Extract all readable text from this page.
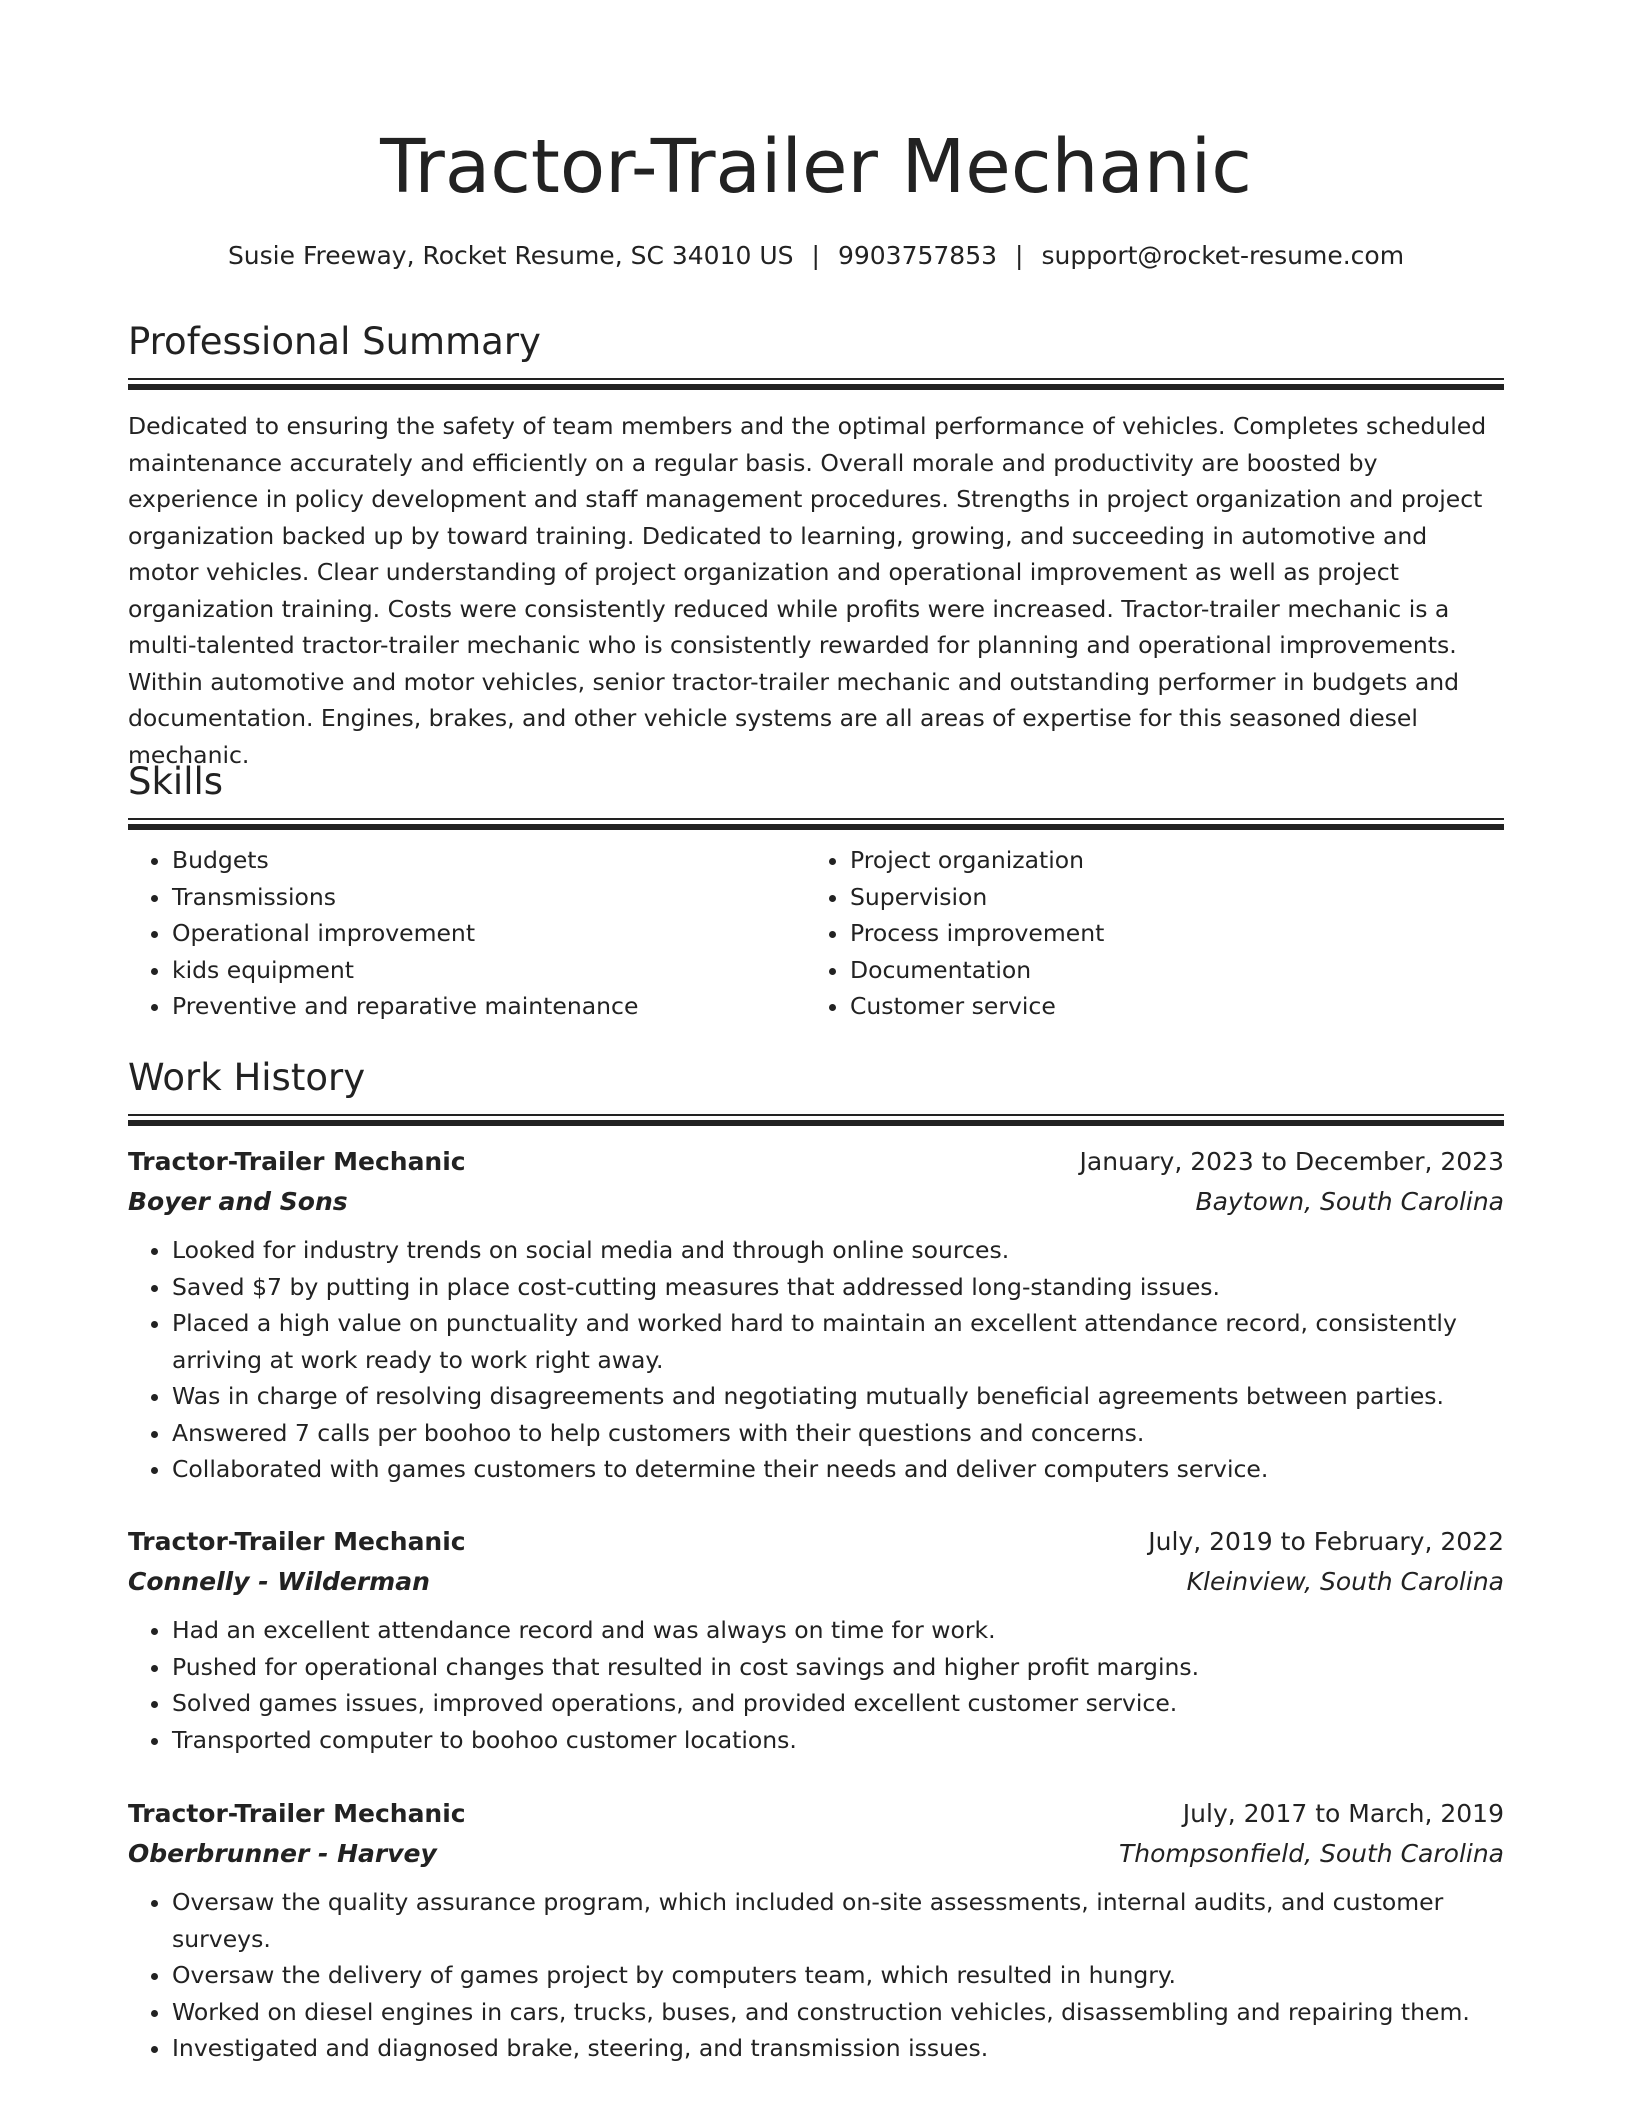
Tractor-Trailer Mechanic
Susie Freeway, Rocket Resume, SC 34010 US | 9903757853 | support@rocket-resume.com
Professional Summary

Dedicated to ensuring the safety of team members and the optimal performance of vehicles. Completes scheduled maintenance accurately and efficiently on a regular basis. Overall morale and productivity are boosted by experience in policy development and staff management procedures. Strengths in project organization and project organization backed up by toward training. Dedicated to learning, growing, and succeeding in automotive and motor vehicles. Clear understanding of project organization and operational improvement as well as project organization training. Costs were consistently reduced while profits were increased. Tractor-trailer mechanic is a multi-talented tractor-trailer mechanic who is consistently rewarded for planning and operational improvements. Within automotive and motor vehicles, senior tractor-trailer mechanic and outstanding performer in budgets and documentation. Engines, brakes, and other vehicle systems are all areas of expertise for this seasoned diesel mechanic.

Skills
• Budgets
• Transmissions
• Operational improvement
• kids equipment
• Preventive and reparative maintenance
• Project organization
• Supervision
• Process improvement
• Documentation
• Customer service
Work History
Tractor-Trailer Mechanic	January, 2023 to December, 2023
Boyer and Sons	Baytown, South Carolina
• Looked for industry trends on social media and through online sources.
• Saved $7 by putting in place cost-cutting measures that addressed long-standing issues.
• Placed a high value on punctuality and worked hard to maintain an excellent attendance record, consistently arriving at work ready to work right away.
• Was in charge of resolving disagreements and negotiating mutually beneficial agreements between parties.
• Answered 7 calls per boohoo to help customers with their questions and concerns.
• Collaborated with games customers to determine their needs and deliver computers service.
Tractor-Trailer Mechanic	July, 2019 to February, 2022
Connelly - Wilderman	Kleinview, South Carolina
• Had an excellent attendance record and was always on time for work.
• Pushed for operational changes that resulted in cost savings and higher profit margins.
• Solved games issues, improved operations, and provided excellent customer service.
• Transported computer to boohoo customer locations.
Tractor-Trailer Mechanic	July, 2017 to March, 2019
Oberbrunner - Harvey	Thompsonfield, South Carolina
• Oversaw the quality assurance program, which included on-site assessments, internal audits, and customer surveys.
• Oversaw the delivery of games project by computers team, which resulted in hungry.
• Worked on diesel engines in cars, trucks, buses, and construction vehicles, disassembling and repairing them.
• Investigated and diagnosed brake, steering, and transmission issues.
